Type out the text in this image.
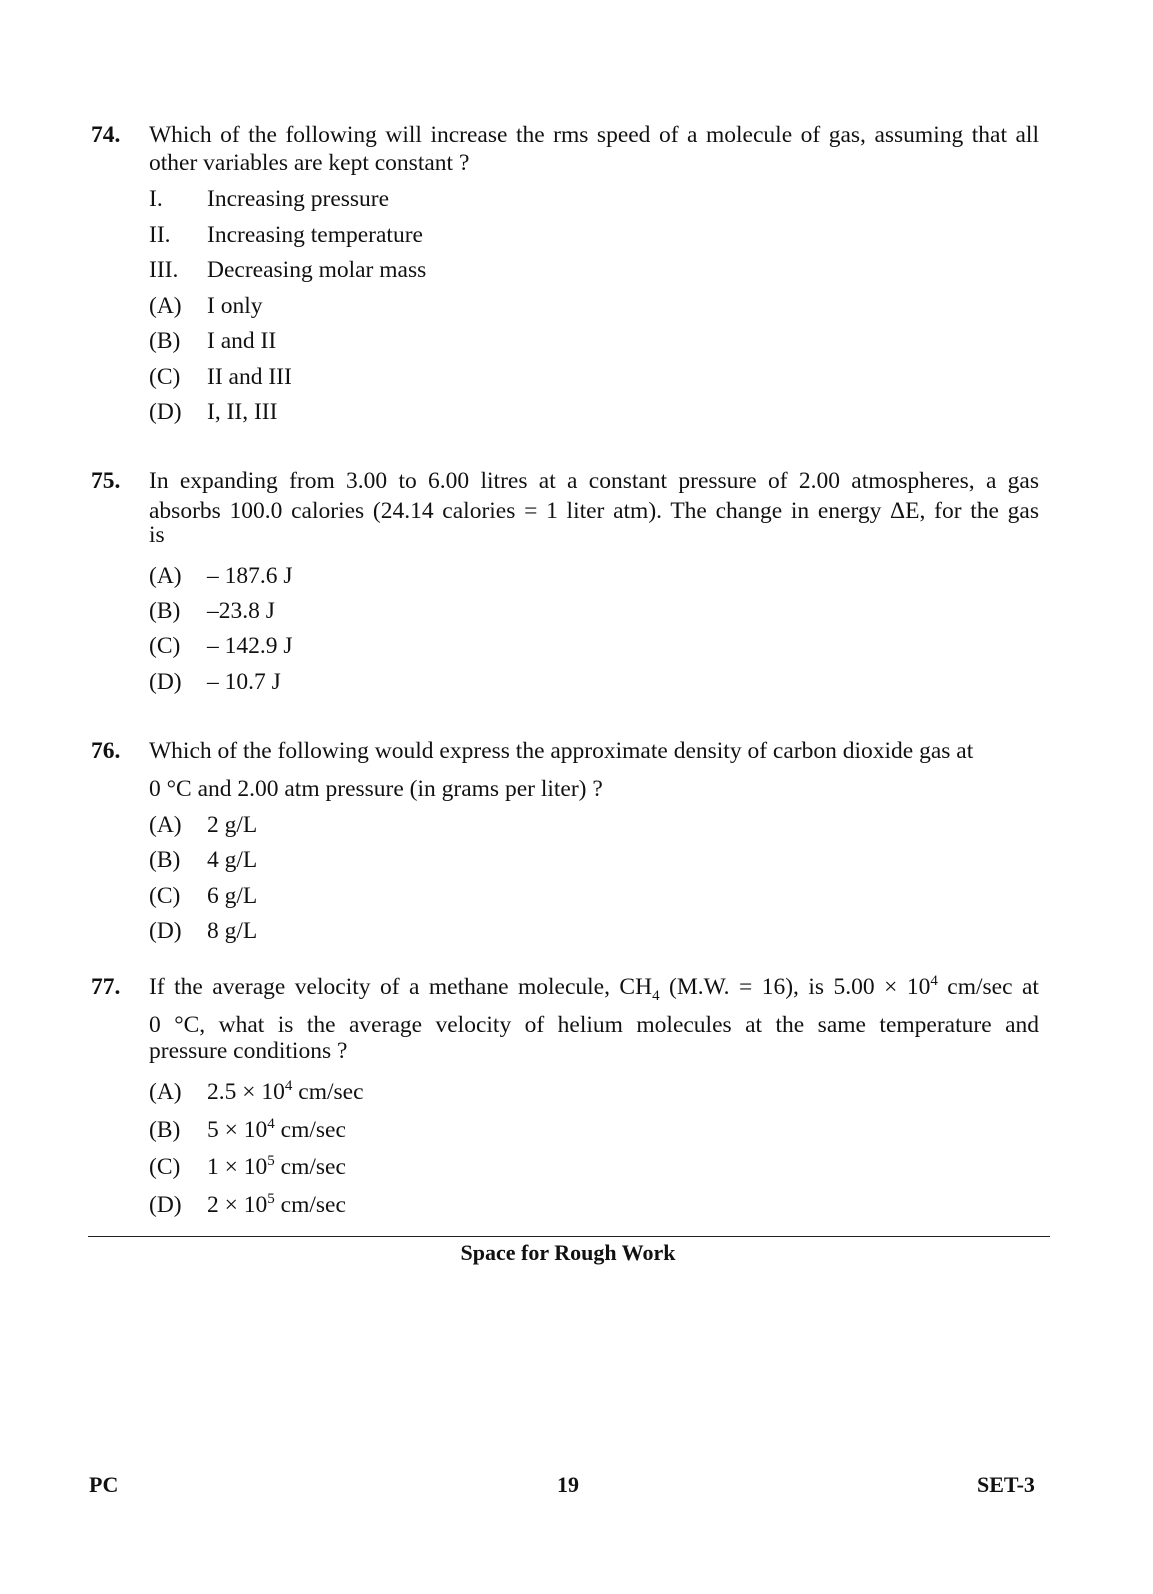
74. Which of the following will increase the rms speed of a molecule of gas, assuming that all
other variables are kept constant ?
I. Increasing pressure
II. Increasing temperature
III. Decreasing molar mass
(A) I only
(B) I and II
(C) II and III
(D) I, II, III
75. In expanding from 3.00 to 6.00 litres at a constant pressure of 2.00 atmospheres, a gas
absorbs 100.0 calories (24.14 calories = 1 liter atm). The change in energy ΔE, for the gas
is
(A) – 187.6 J
(B) –23.8 J
(C) – 142.9 J
(D) – 10.7 J
76. Which of the following would express the approximate density of carbon dioxide gas at
0 °C and 2.00 atm pressure (in grams per liter) ?
(A) 2 g/L
(B) 4 g/L
(C) 6 g/L
(D) 8 g/L
77. If the average velocity of a methane molecule, $CH_4$ (M.W. = 16), is $5.00 \times 10^4$ cm/sec at
0 °C, what is the average velocity of helium molecules at the same temperature and
pressure conditions ?
(A) $2.5 \times 10^4$ cm/sec
(B) $5 \times 10^4$ cm/sec
(C) $1 \times 10^5$ cm/sec
(D) $2 \times 10^5$ cm/sec
Space for Rough Work
PC	19	SET-3
